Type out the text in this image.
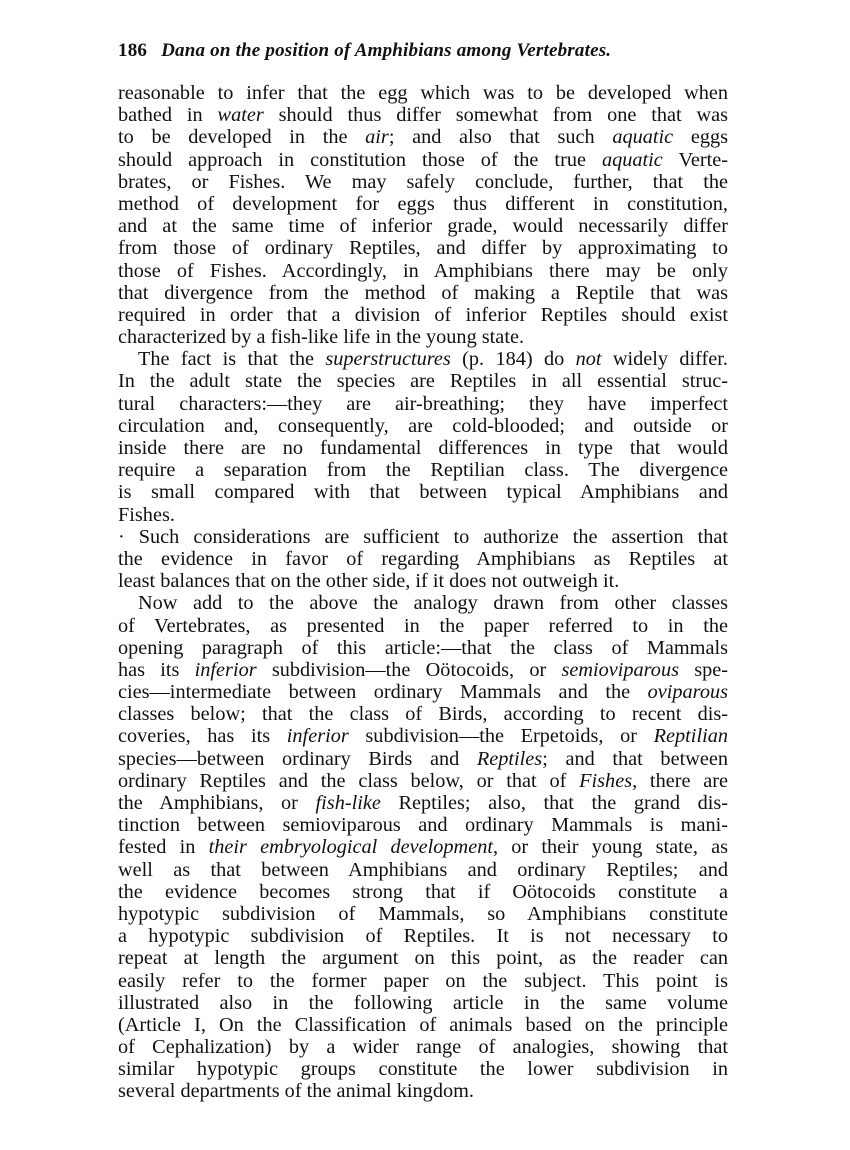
186 Dana on the position of Amphibians among Vertebrates.
reasonable to infer that the egg which was to be developed when
bathed in water should thus differ somewhat from one that was
to be developed in the air; and also that such aquatic eggs
should approach in constitution those of the true aquatic Verte-
brates, or Fishes. We may safely conclude, further, that the
method of development for eggs thus different in constitution,
and at the same time of inferior grade, would necessarily differ
from those of ordinary Reptiles, and differ by approximating to
those of Fishes. Accordingly, in Amphibians there may be only
that divergence from the method of making a Reptile that was
required in order that a division of inferior Reptiles should exist
characterized by a fish-like life in the young state.
The fact is that the superstructures (p. 184) do not widely differ.
In the adult state the species are Reptiles in all essential struc-
tural characters:—they are air-breathing; they have imperfect
circulation and, consequently, are cold-blooded; and outside or
inside there are no fundamental differences in type that would
require a separation from the Reptilian class. The divergence
is small compared with that between typical Amphibians and
Fishes.
· Such considerations are sufficient to authorize the assertion that
the evidence in favor of regarding Amphibians as Reptiles at
least balances that on the other side, if it does not outweigh it.
Now add to the above the analogy drawn from other classes
of Vertebrates, as presented in the paper referred to in the
opening paragraph of this article:—that the class of Mammals
has its inferior subdivision—the Oötocoids, or semioviparous spe-
cies—intermediate between ordinary Mammals and the oviparous
classes below; that the class of Birds, according to recent dis-
coveries, has its inferior subdivision—the Erpetoids, or Reptilian
species—between ordinary Birds and Reptiles; and that between
ordinary Reptiles and the class below, or that of Fishes, there are
the Amphibians, or fish-like Reptiles; also, that the grand dis-
tinction between semioviparous and ordinary Mammals is mani-
fested in their embryological development, or their young state, as
well as that between Amphibians and ordinary Reptiles; and
the evidence becomes strong that if Oötocoids constitute a
hypotypic subdivision of Mammals, so Amphibians constitute
a hypotypic subdivision of Reptiles. It is not necessary to
repeat at length the argument on this point, as the reader can
easily refer to the former paper on the subject. This point is
illustrated also in the following article in the same volume
(Article I, On the Classification of animals based on the principle
of Cephalization) by a wider range of analogies, showing that
similar hypotypic groups constitute the lower subdivision in
several departments of the animal kingdom.
